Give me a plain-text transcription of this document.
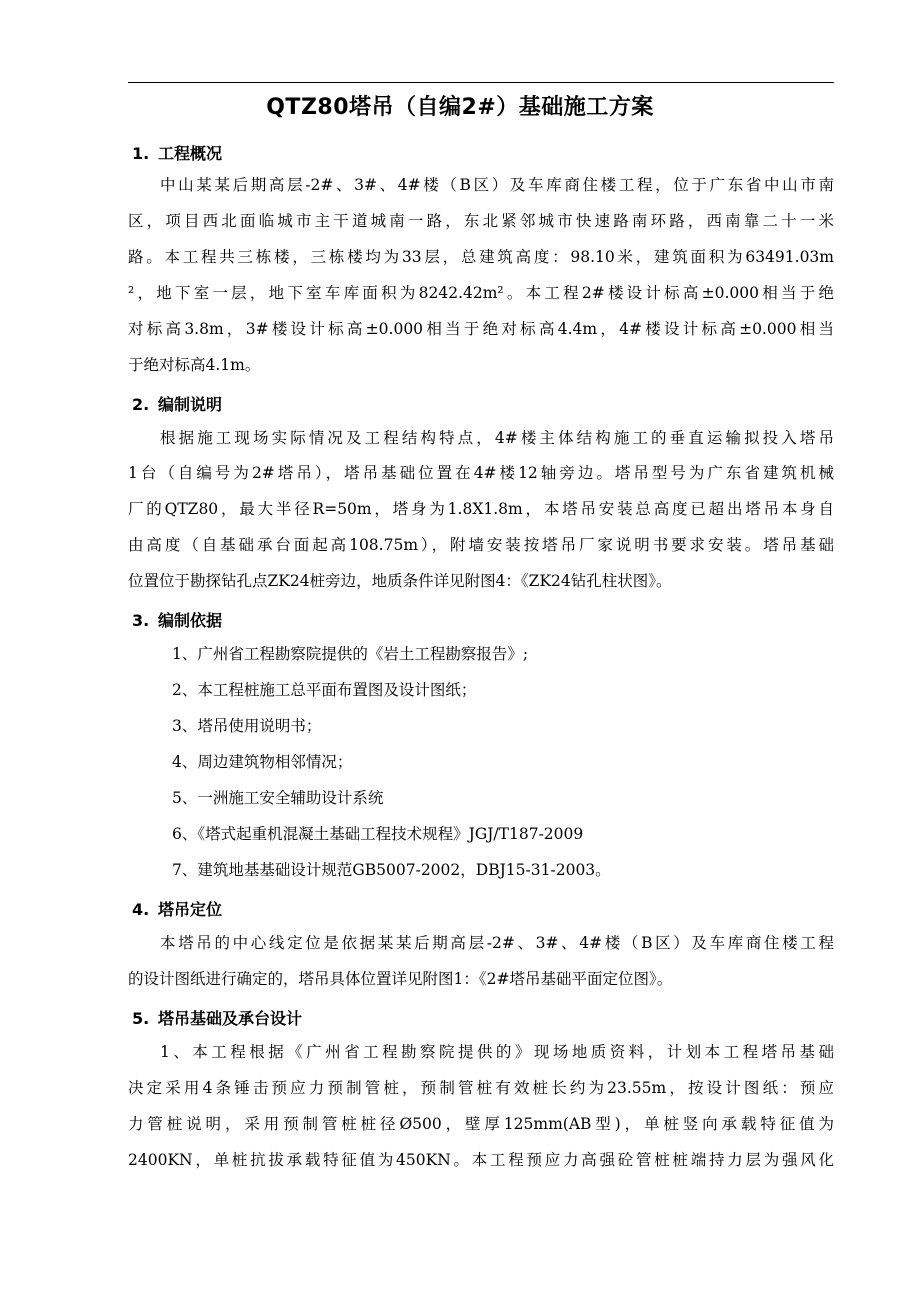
QTZ80塔吊（自编2#）基础施工方案
1. 工程概况
中山某某后期高层-2#、3#、4#楼（B区）及车库商住楼工程，位于广东省中山市南
区，项目西北面临城市主干道城南一路，东北紧邻城市快速路南环路，西南靠二十一米
路。本工程共三栋楼，三栋楼均为33层，总建筑高度：98.10米，建筑面积为63491.03m
²，地下室一层，地下室车库面积为8242.42m²。本工程2#楼设计标高±0.000相当于绝
对标高3.8m，3#楼设计标高±0.000相当于绝对标高4.4m，4#楼设计标高±0.000相当
于绝对标高4.1m。
2. 编制说明
根据施工现场实际情况及工程结构特点，4#楼主体结构施工的垂直运输拟投入塔吊
1台（自编号为2#塔吊），塔吊基础位置在4#楼12轴旁边。塔吊型号为广东省建筑机械
厂的QTZ80，最大半径R=50m，塔身为1.8X1.8m，本塔吊安装总高度已超出塔吊本身自
由高度（自基础承台面起高108.75m），附墙安装按塔吊厂家说明书要求安装。塔吊基础
位置位于勘探钻孔点ZK24桩旁边，地质条件详见附图4：《ZK24钻孔柱状图》。
3. 编制依据
1、广州省工程勘察院提供的《岩土工程勘察报告》;
2、本工程桩施工总平面布置图及设计图纸；
3、塔吊使用说明书；
4、周边建筑物相邻情况；
5、一洲施工安全辅助设计系统
6、《塔式起重机混凝土基础工程技术规程》JGJ/T187-2009
7、建筑地基基础设计规范GB5007-2002，DBJ15-31-2003。
4. 塔吊定位
本塔吊的中心线定位是依据某某后期高层-2#、3#、4#楼（B区）及车库商住楼工程
的设计图纸进行确定的，塔吊具体位置详见附图1：《2#塔吊基础平面定位图》。
5. 塔吊基础及承台设计
1、本工程根据《广州省工程勘察院提供的》现场地质资料，计划本工程塔吊基础
决定采用4条锤击预应力预制管桩，预制管桩有效桩长约为23.55m，按设计图纸：预应
力管桩说明，采用预制管桩桩径Ø500，壁厚125mm(AB型)，单桩竖向承载特征值为
2400KN，单桩抗拔承载特征值为450KN。本工程预应力高强砼管桩桩端持力层为强风化
